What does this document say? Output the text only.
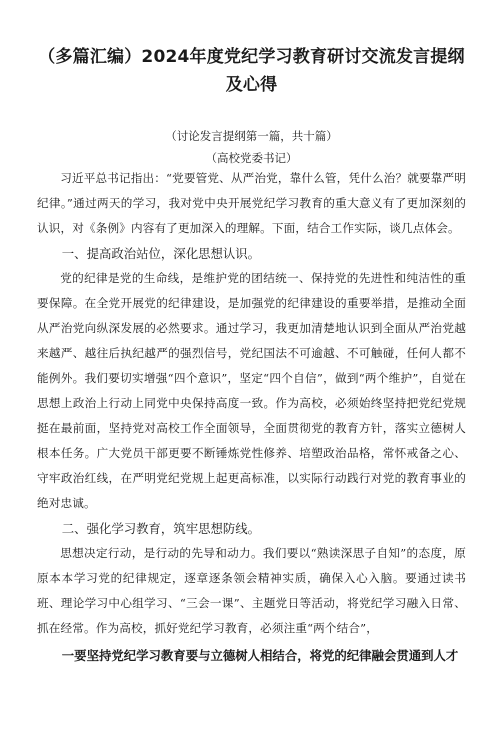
（多篇汇编）2024年度党纪学习教育研讨交流发言提纲及心得
（讨论发言提纲第一篇，共十篇）
（高校党委书记）

习近平总书记指出：“党要管党、从严治党，靠什么管，凭什么治？就要靠严明纪律。”通过两天的学习，我对党中央开展党纪学习教育的重大意义有了更加深刻的认识，对《条例》内容有了更加深入的理解。下面，结合工作实际，谈几点体会。

一、提高政治站位，深化思想认识。

党的纪律是党的生命线，是维护党的团结统一、保持党的先进性和纯洁性的重要保障。在全党开展党的纪律建设，是加强党的纪律建设的重要举措，是推动全面从严治党向纵深发展的必然要求。通过学习，我更加清楚地认识到全面从严治党越来越严、越往后执纪越严的强烈信号，党纪国法不可逾越、不可触碰，任何人都不能例外。我们要切实增强“四个意识”，坚定“四个自信”，做到“两个维护”，自觉在思想上政治上行动上同党中央保持高度一致。作为高校，必须始终坚持把党纪党规挺在最前面，坚持党对高校工作全面领导，全面贯彻党的教育方针，落实立德树人根本任务。广大党员干部更要不断锤炼党性修养、培塑政治品格，常怀戒备之心、守牢政治红线，在严明党纪党规上起更高标准，以实际行动践行对党的教育事业的绝对忠诚。

二、强化学习教育，筑牢思想防线。

思想决定行动，是行动的先导和动力。我们要以“熟读深思子自知”的态度，原原本本学习党的纪律规定，逐章逐条领会精神实质，确保入心入脑。要通过读书班、理论学习中心组学习、“三会一课”、主题党日等活动，将党纪学习融入日常、抓在经常。作为高校，抓好党纪学习教育，必须注重“两个结合”，

一要坚持党纪学习教育要与立德树人相结合，将党的纪律融会贯通到人才
